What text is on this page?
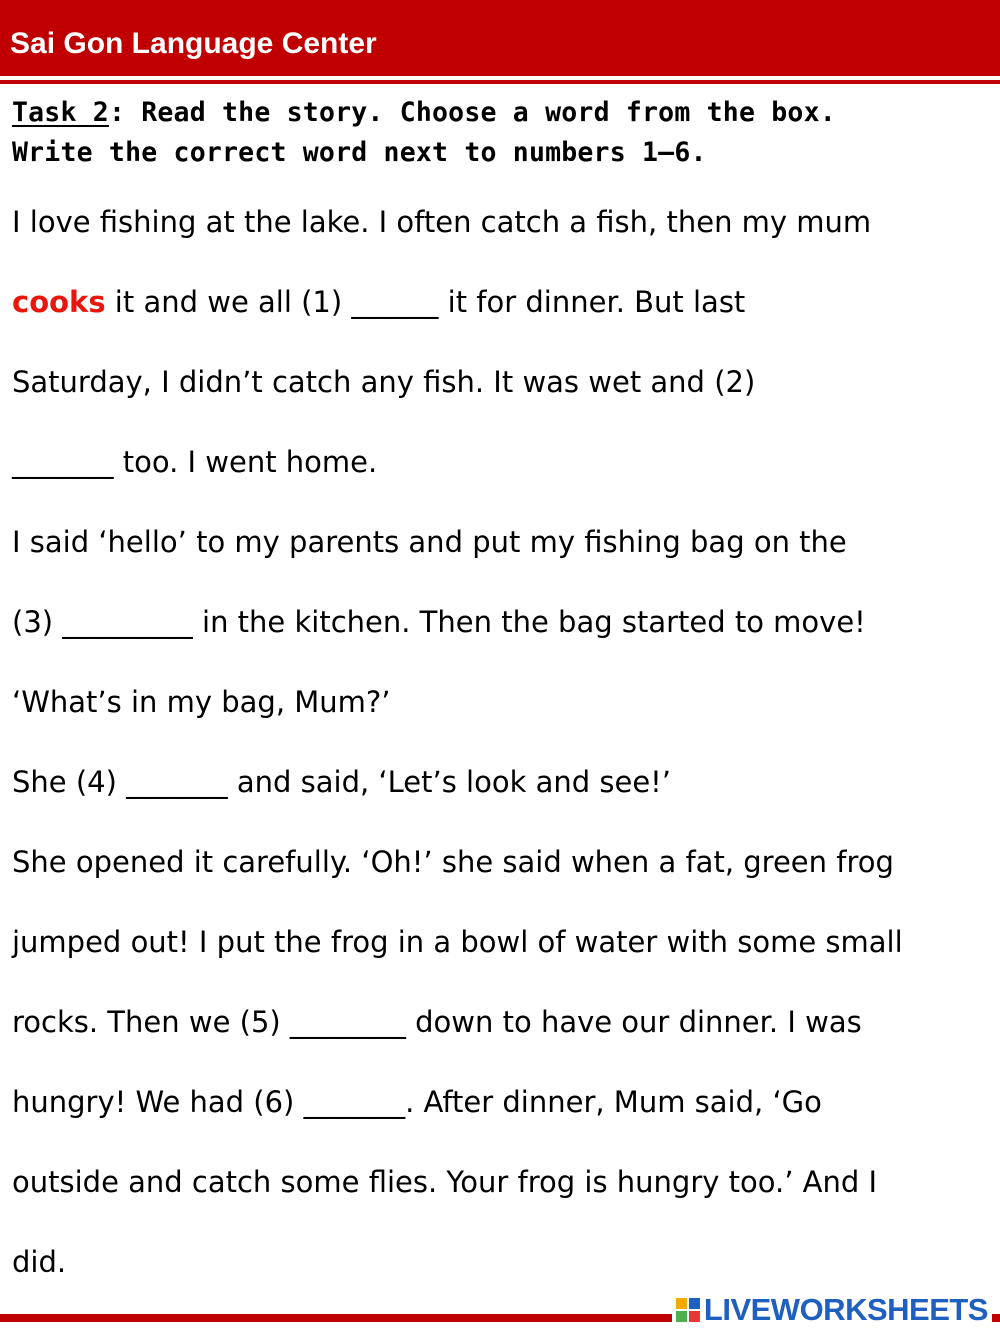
Sai Gon Language Center
Task 2: Read the story. Choose a word from the box.
Write the correct word next to numbers 1–6.
I love fishing at the lake. I often catch a fish, then my mum
cooks it and we all (1) ______ it for dinner. But last
Saturday, I didn’t catch any fish. It was wet and (2)
_______ too. I went home.
I said ‘hello’ to my parents and put my fishing bag on the
(3) _________ in the kitchen. Then the bag started to move!
‘What’s in my bag, Mum?’
She (4) _______ and said, ‘Let’s look and see!’
She opened it carefully. ‘Oh!’ she said when a fat, green frog
jumped out! I put the frog in a bowl of water with some small
rocks. Then we (5) ________ down to have our dinner. I was
hungry! We had (6) _______. After dinner, Mum said, ‘Go
outside and catch some flies. Your frog is hungry too.’ And I
did.
LIVEWORKSHEETS
